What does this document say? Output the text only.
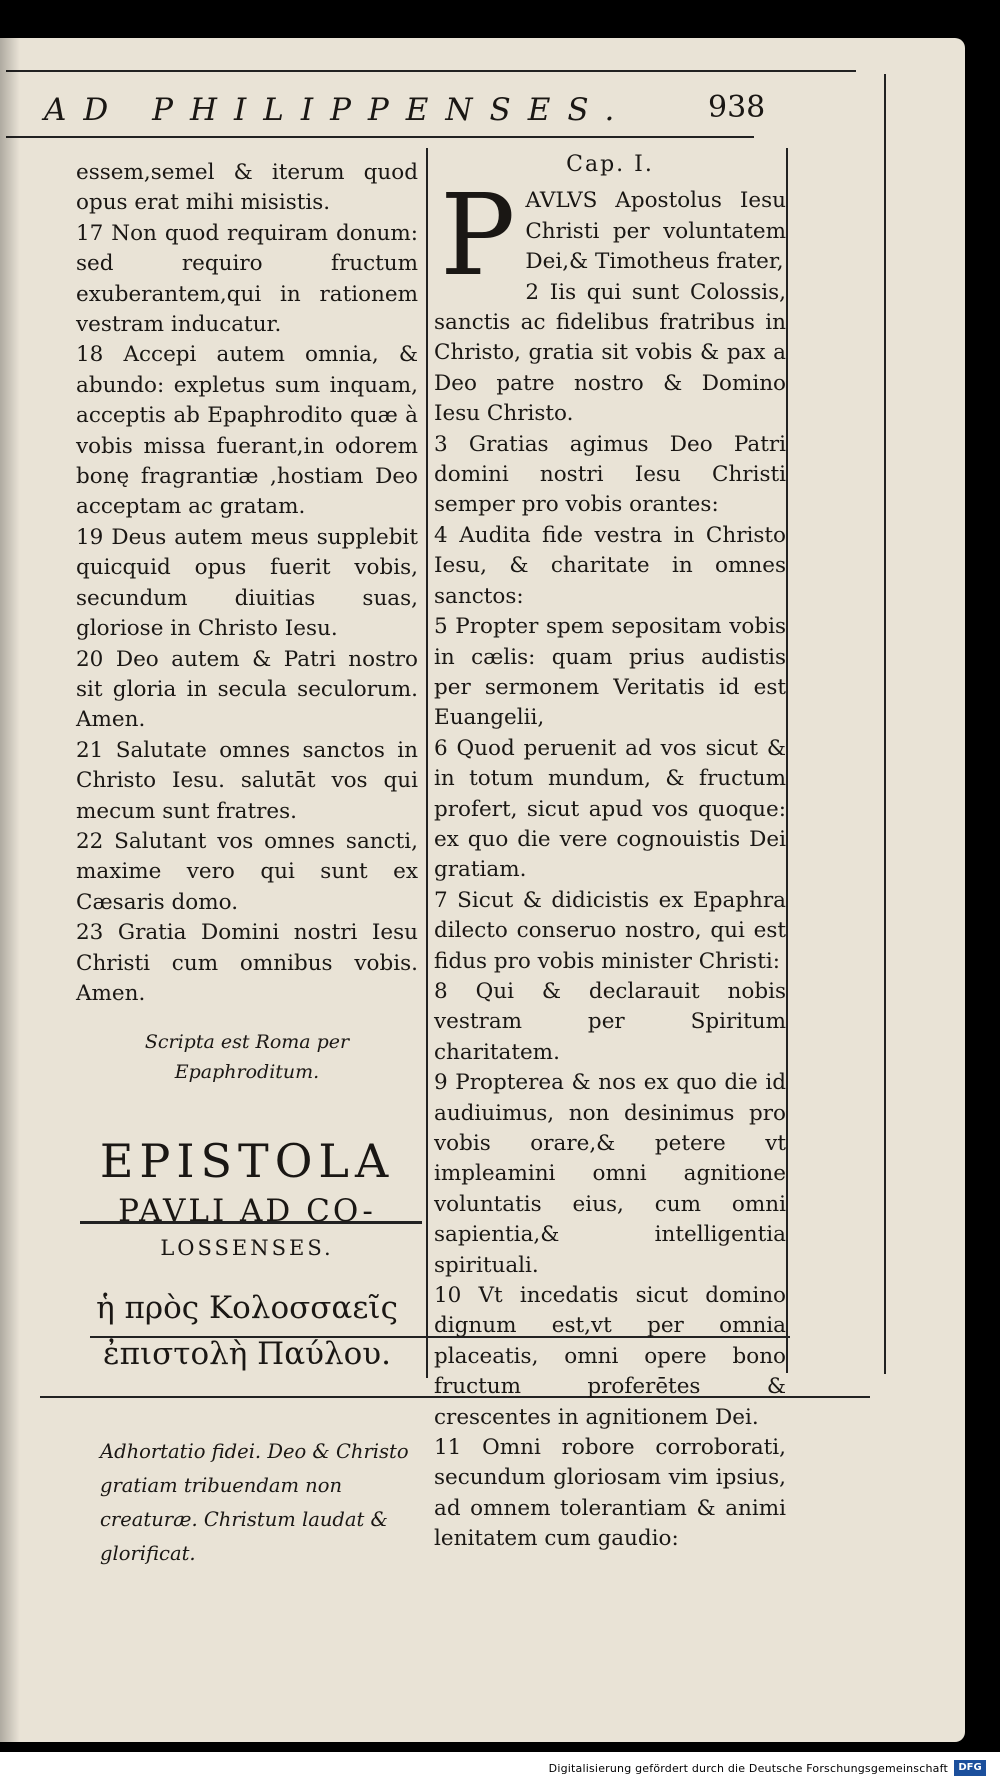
AD PHILIPPENSES.	938

essem,semel & iterum quod opus erat mihi misistis.

17 Non quod requiram donum: sed requiro fructum exuberantem,qui in rationem vestram inducatur.

18 Accepi autem omnia, & abundo: expletus sum inquam, acceptis ab Epaphrodito quæ à vobis missa fuerant,in odorem bonę fragrantiæ ,hostiam Deo acceptam ac gratam.

19 Deus autem meus supplebit quicquid opus fuerit vobis, secundum diuitias suas, gloriose in Christo Iesu.

20 Deo autem & Patri nostro sit gloria in secula seculorum. Amen.

21 Salutate omnes sanctos in Christo Iesu. salutāt vos qui mecum sunt fratres.

22 Salutant vos omnes sancti, maxime vero qui sunt ex Cæsaris domo.

23 Gratia Domini nostri Iesu Christi cum omnibus vobis. Amen.

Scripta est Roma per Epaphroditum.
EPISTOLA
PAVLI AD CO-
LOSSENSES.
ἡ πρὸς Κολοσσαεῖς ἐπιστολὴ Παύλου.
Adhortatio fidei. Deo & Christo gratiam tribuendam non creaturæ. Christum laudat & glorificat.
Cap. I.

P AVLVS Apostolus Iesu Christi per voluntatem Dei,& Timotheus frater,

2 Iis qui sunt Colossis, sanctis ac fidelibus fratribus in Christo, gratia sit vobis & pax a Deo patre nostro & Domino Iesu Christo.

3 Gratias agimus Deo Patri domini nostri Iesu Christi semper pro vobis orantes:

4 Audita fide vestra in Christo Iesu, & charitate in omnes sanctos:

5 Propter spem sepositam vobis in cælis: quam prius audistis per sermonem Veritatis id est Euangelii,

6 Quod peruenit ad vos sicut & in totum mundum, & fructum profert, sicut apud vos quoque: ex quo die vere cognouistis Dei gratiam.

7 Sicut & didicistis ex Epaphra dilecto conseruo nostro, qui est fidus pro vobis minister Christi:

8 Qui & declarauit nobis vestram per Spiritum charitatem.

9 Propterea & nos ex quo die id audiuimus, non desinimus pro vobis orare,& petere vt impleamini omni agnitione voluntatis eius, cum omni sapientia,& intelligentia spirituali.

10 Vt incedatis sicut domino dignum est,vt per omnia placeatis, omni opere bono fructum proferētes & crescentes in agnitionem Dei.

11 Omni robore corroborati, secundum gloriosam vim ipsius, ad omnem tolerantiam & animi lenitatem cum gaudio:

Digitalisierung gefördert durch die Deutsche Forschungsgemeinschaft	DFG
